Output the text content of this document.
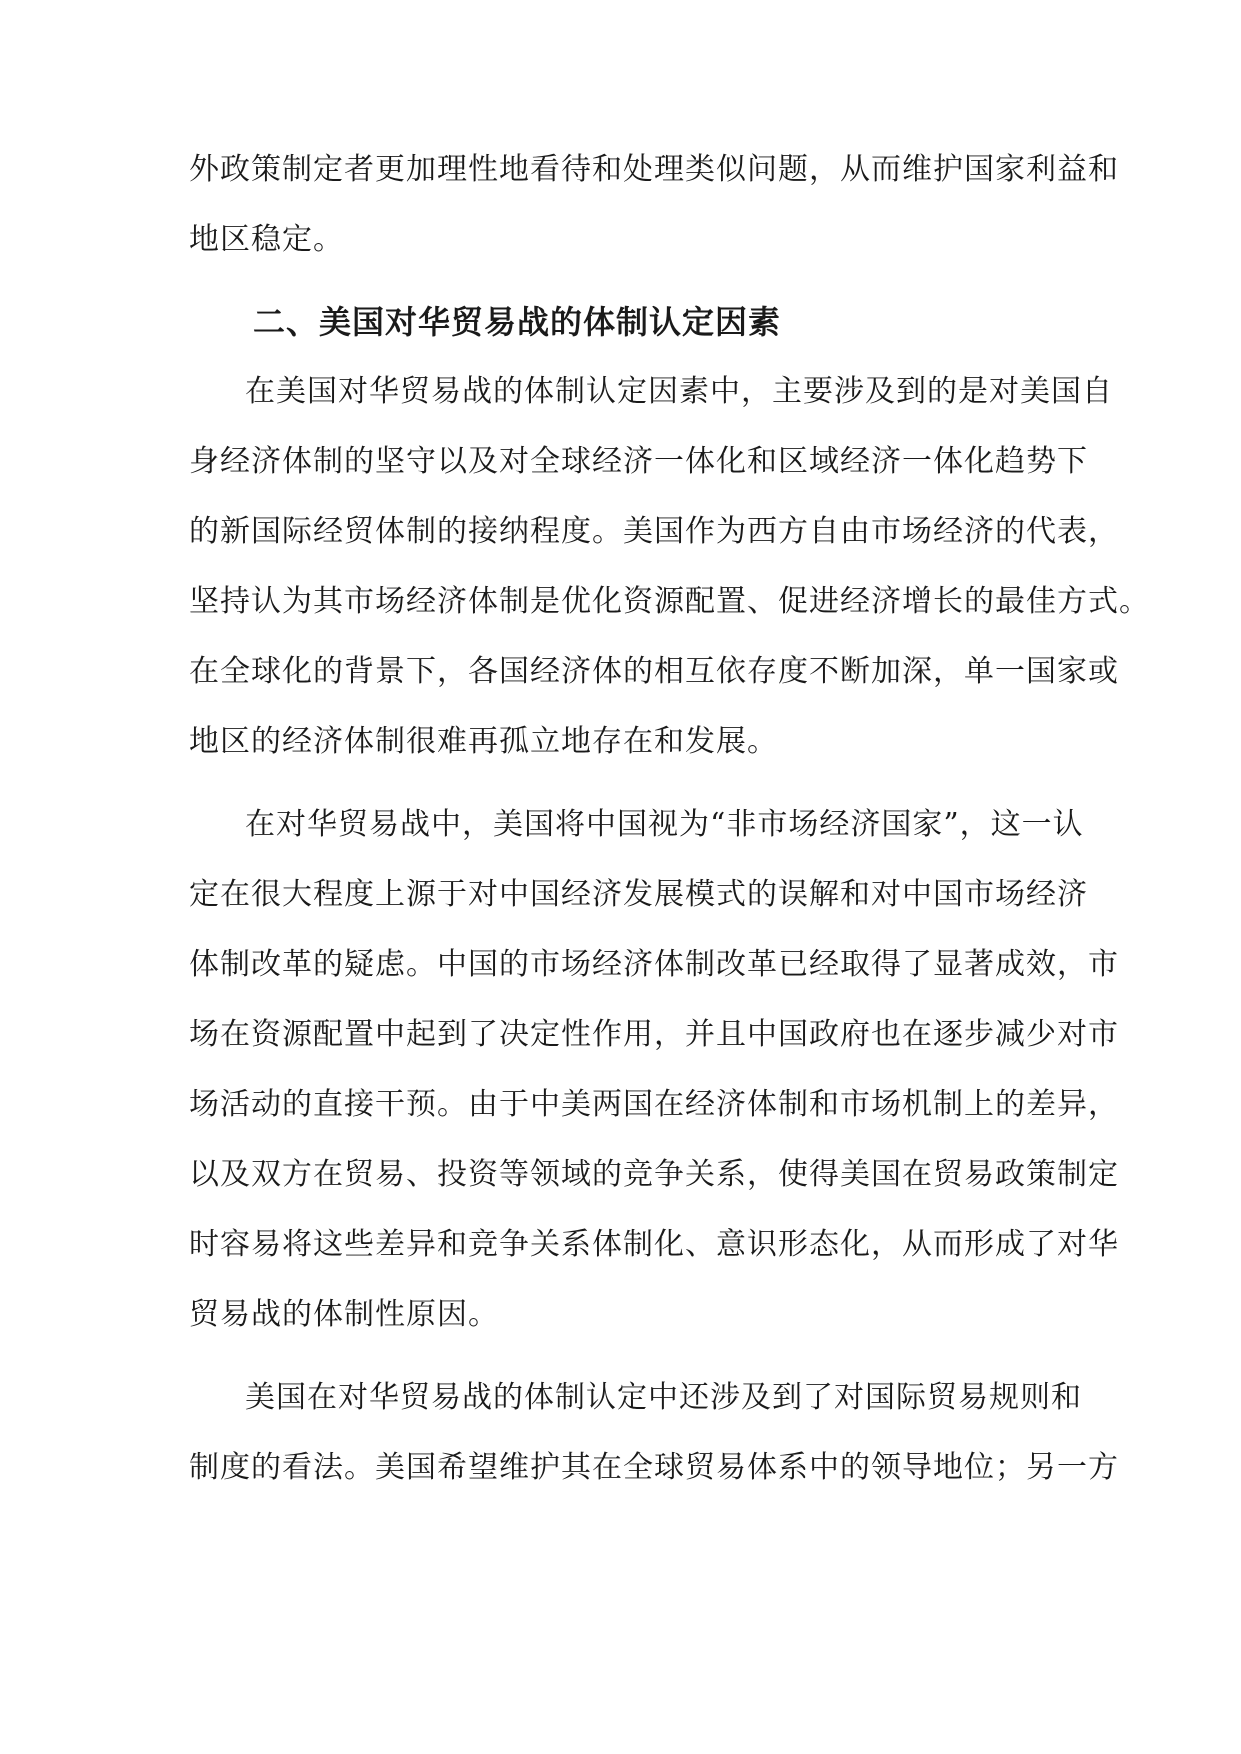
外政策制定者更加理性地看待和处理类似问题，从而维护国家利益和
地区稳定。
二、美国对华贸易战的体制认定因素
在美国对华贸易战的体制认定因素中，主要涉及到的是对美国自
身经济体制的坚守以及对全球经济一体化和区域经济一体化趋势下
的新国际经贸体制的接纳程度。美国作为西方自由市场经济的代表，
坚持认为其市场经济体制是优化资源配置、促进经济增长的最佳方式。
在全球化的背景下，各国经济体的相互依存度不断加深，单一国家或
地区的经济体制很难再孤立地存在和发展。
在对华贸易战中，美国将中国视为“非市场经济国家”，这一认
定在很大程度上源于对中国经济发展模式的误解和对中国市场经济
体制改革的疑虑。中国的市场经济体制改革已经取得了显著成效，市
场在资源配置中起到了决定性作用，并且中国政府也在逐步减少对市
场活动的直接干预。由于中美两国在经济体制和市场机制上的差异，
以及双方在贸易、投资等领域的竞争关系，使得美国在贸易政策制定
时容易将这些差异和竞争关系体制化、意识形态化，从而形成了对华
贸易战的体制性原因。
美国在对华贸易战的体制认定中还涉及到了对国际贸易规则和
制度的看法。美国希望维护其在全球贸易体系中的领导地位；另一方
